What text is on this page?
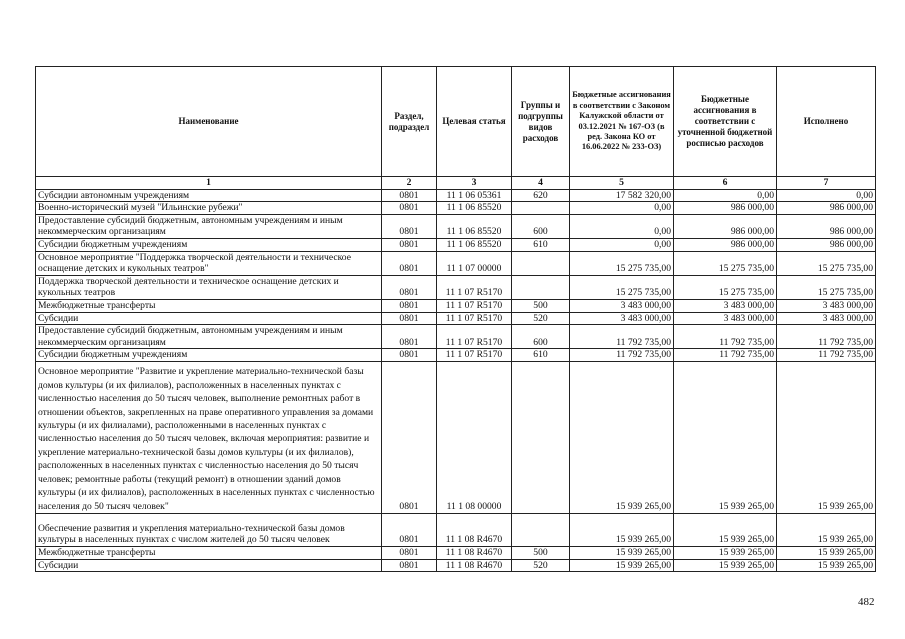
Наименование	Раздел, подраздел	Целевая статья	Группы и подгруппы видов расходов	Бюджетные ассигнования в соответствии с Законом Калужской области от 03.12.2021 № 167-ОЗ (в ред. Закона КО от 16.06.2022 № 233-ОЗ)	Бюджетные ассигнования в соответствии с уточненной бюджетной росписью расходов	Исполнено
1	2	3	4	5	6	7
Субсидии автономным учреждениям	0801	11 1 06 05361	620	17 582 320,00	0,00	0,00
Военно-исторический музей "Ильинские рубежи"	0801	11 1 06 85520		0,00	986 000,00	986 000,00
Предоставление субсидий бюджетным, автономным учреждениям и иным некоммерческим организациям	0801	11 1 06 85520	600	0,00	986 000,00	986 000,00
Субсидии бюджетным учреждениям	0801	11 1 06 85520	610	0,00	986 000,00	986 000,00
Основное мероприятие "Поддержка творческой деятельности и техническое оснащение детских и кукольных театров"	0801	11 1 07 00000		15 275 735,00	15 275 735,00	15 275 735,00
Поддержка творческой деятельности и техническое оснащение детских и кукольных театров	0801	11 1 07 R5170		15 275 735,00	15 275 735,00	15 275 735,00
Межбюджетные трансферты	0801	11 1 07 R5170	500	3 483 000,00	3 483 000,00	3 483 000,00
Субсидии	0801	11 1 07 R5170	520	3 483 000,00	3 483 000,00	3 483 000,00
Предоставление субсидий бюджетным, автономным учреждениям и иным некоммерческим организациям	0801	11 1 07 R5170	600	11 792 735,00	11 792 735,00	11 792 735,00
Субсидии бюджетным учреждениям	0801	11 1 07 R5170	610	11 792 735,00	11 792 735,00	11 792 735,00
Основное мероприятие "Развитие и укрепление материально-технической базы домов культуры (и их филиалов), расположенных в населенных пунктах с численностью населения до 50 тысяч человек, выполнение ремонтных работ в отношении объектов, закрепленных на праве оперативного управления за домами культуры (и их филиалами), расположенными в населенных пунктах с численностью населения до 50 тысяч человек, включая мероприятия: развитие и укрепление материально-технической базы домов культуры (и их филиалов), расположенных в населенных пунктах с численностью населения до 50 тысяч человек; ремонтные работы (текущий ремонт) в отношении зданий домов культуры (и их филиалов), расположенных в населенных пунктах с численностью населения до 50 тысяч человек"	0801	11 1 08 00000		15 939 265,00	15 939 265,00	15 939 265,00
Обеспечение развития и укрепления материально-технической базы домов культуры в населенных пунктах с числом жителей до 50 тысяч человек	0801	11 1 08 R4670		15 939 265,00	15 939 265,00	15 939 265,00
Межбюджетные трансферты	0801	11 1 08 R4670	500	15 939 265,00	15 939 265,00	15 939 265,00
Субсидии	0801	11 1 08 R4670	520	15 939 265,00	15 939 265,00	15 939 265,00
482
